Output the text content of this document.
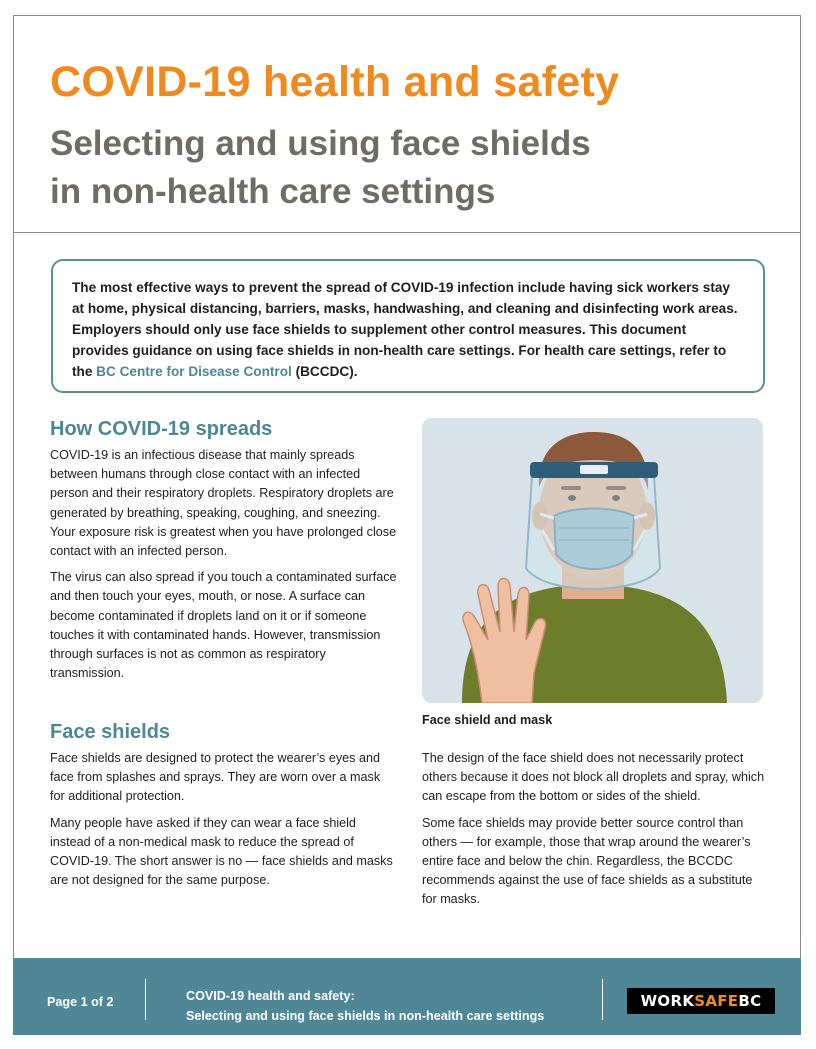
COVID-19 health and safety
Selecting and using face shields
in non-health care settings
The most effective ways to prevent the spread of COVID-19 infection include having sick workers stay at home, physical distancing, barriers, masks, handwashing, and cleaning and disinfecting work areas. Employers should only use face shields to supplement other control measures. This document provides guidance on using face shields in non-health care settings. For health care settings, refer to the BC Centre for Disease Control (BCCDC).
How COVID-19 spreads

COVID-19 is an infectious disease that mainly spreads between humans through close contact with an infected person and their respiratory droplets. Respiratory droplets are generated by breathing, speaking, coughing, and sneezing. Your exposure risk is greatest when you have prolonged close contact with an infected person.

The virus can also spread if you touch a contaminated surface and then touch your eyes, mouth, or nose. A surface can become contaminated if droplets land on it or if someone touches it with contaminated hands. However, transmission through surfaces is not as common as respiratory transmission.

Face shield and mask
Face shields

Face shields are designed to protect the wearer’s eyes and face from splashes and sprays. They are worn over a mask for additional protection.

Many people have asked if they can wear a face shield instead of a non-medical mask to reduce the spread of COVID-19. The short answer is no — face shields and masks are not designed for the same purpose.

The design of the face shield does not necessarily protect others because it does not block all droplets and spray, which can escape from the bottom or sides of the shield.

Some face shields may provide better source control than others — for example, those that wrap around the wearer’s entire face and below the chin. Regardless, the BCCDC recommends against the use of face shields as a substitute for masks.

Page 1 of 2	COVID-19 health and safety:
Selecting and using face shields in non-health care settings
WORK SAFE BC
